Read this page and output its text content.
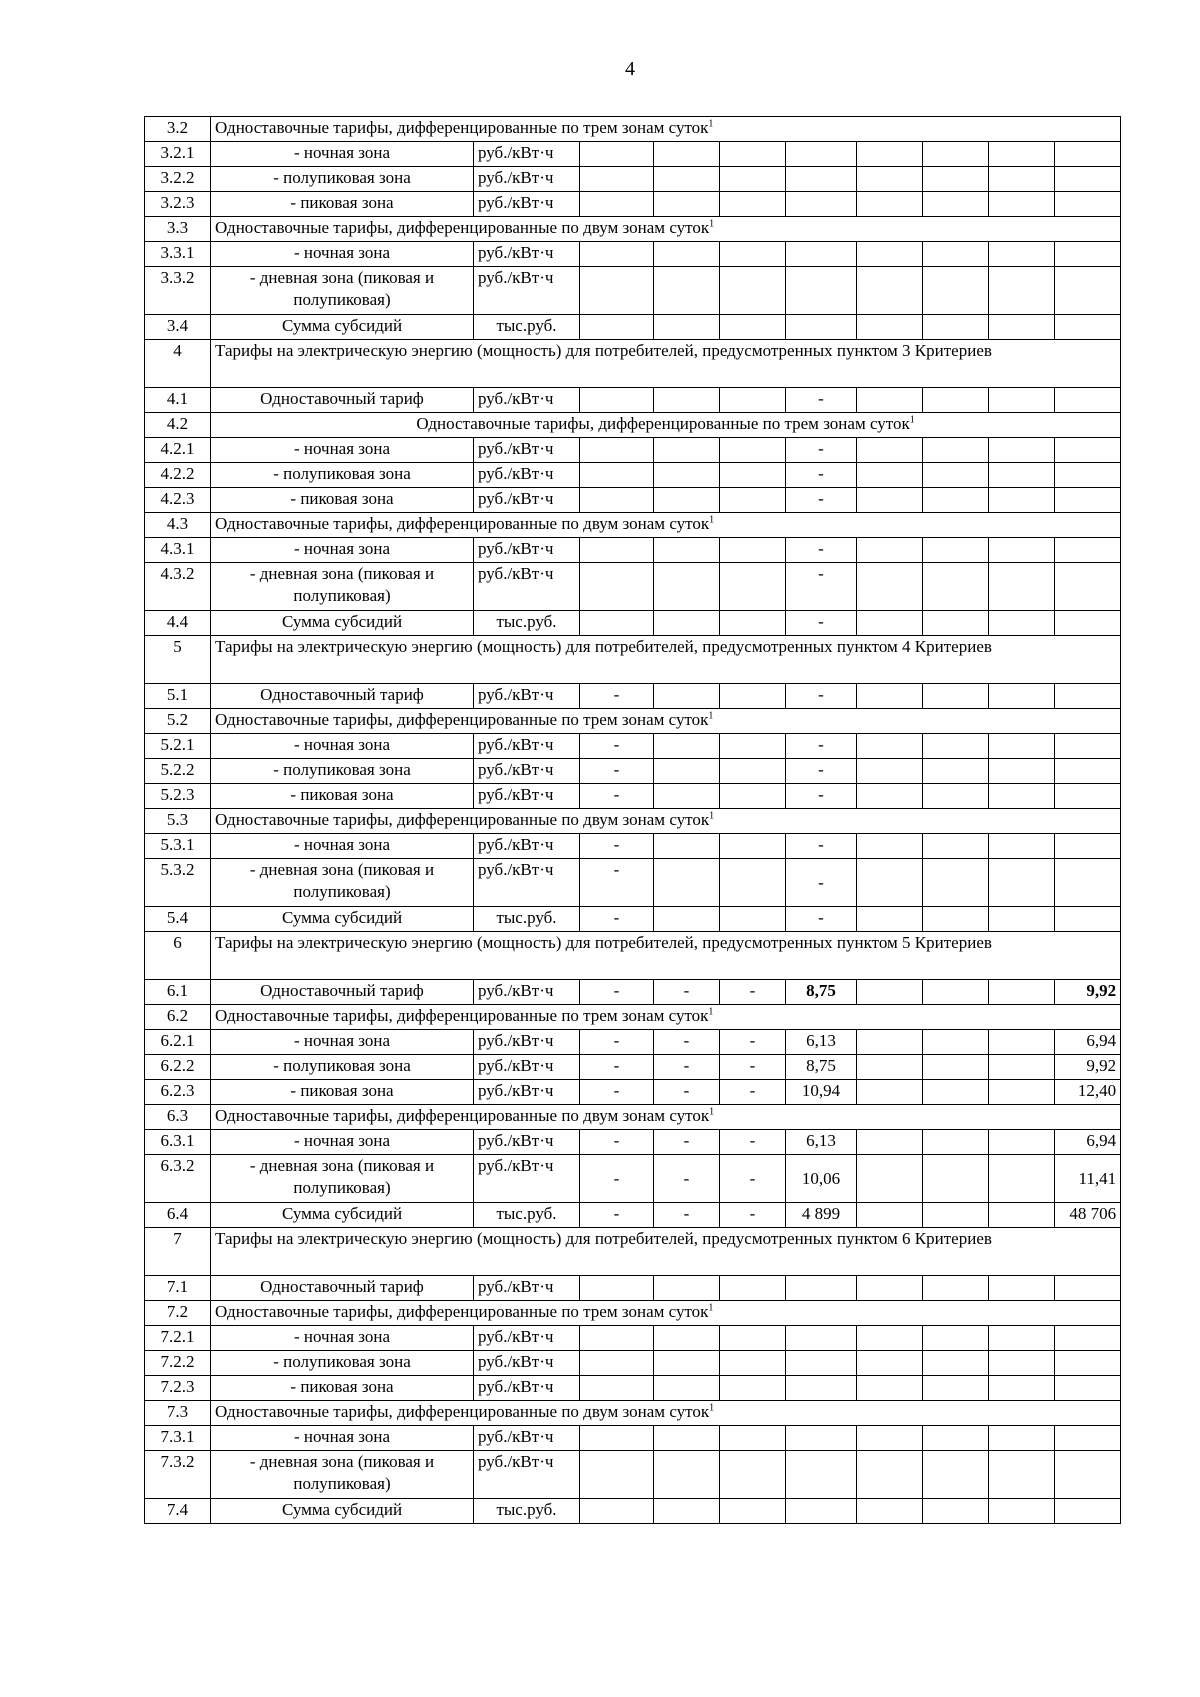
4
3.2	Одноставочные тарифы, дифференцированные по трем зонам суток$^1$
3.2.1	- ночная зона	руб./кВт·ч								
3.2.2	- полупиковая зона	руб./кВт·ч								
3.2.3	- пиковая зона	руб./кВт·ч								
3.3	Одноставочные тарифы, дифференцированные по двум зонам суток$^1$
3.3.1	- ночная зона	руб./кВт·ч								
3.3.2	- дневная зона (пиковая и
полупиковая)	руб./кВт·ч								
3.4	Сумма субсидий	тыс.руб.								
4	Тарифы на электрическую энергию (мощность) для потребителей, предусмотренных пунктом 3 Критериев									
4.1	Одноставочный тариф	руб./кВт·ч				-				
4.2	Одноставочные тарифы, дифференцированные по трем зонам суток$^1$
4.2.1	- ночная зона	руб./кВт·ч				-				
4.2.2	- полупиковая зона	руб./кВт·ч				-				
4.2.3	- пиковая зона	руб./кВт·ч				-				
4.3	Одноставочные тарифы, дифференцированные по двум зонам суток$^1$
4.3.1	- ночная зона	руб./кВт·ч				-				
4.3.2	- дневная зона (пиковая и
полупиковая)	руб./кВт·ч				-				
4.4	Сумма субсидий	тыс.руб.				-				
5	Тарифы на электрическую энергию (мощность) для потребителей, предусмотренных пунктом 4 Критериев									
5.1	Одноставочный тариф	руб./кВт·ч	-			-				
5.2	Одноставочные тарифы, дифференцированные по трем зонам суток$^1$
5.2.1	- ночная зона	руб./кВт·ч	-			-				
5.2.2	- полупиковая зона	руб./кВт·ч	-			-				
5.2.3	- пиковая зона	руб./кВт·ч	-			-				
5.3	Одноставочные тарифы, дифференцированные по двум зонам суток$^1$
5.3.1	- ночная зона	руб./кВт·ч	-			-				
5.3.2	- дневная зона (пиковая и
полупиковая)	руб./кВт·ч	-			-				
5.4	Сумма субсидий	тыс.руб.	-			-				
6	Тарифы на электрическую энергию (мощность) для потребителей, предусмотренных пунктом 5 Критериев									
6.1	Одноставочный тариф	руб./кВт·ч	-	-	-	8,75				9,92
6.2	Одноставочные тарифы, дифференцированные по трем зонам суток$^1$
6.2.1	- ночная зона	руб./кВт·ч	-	-	-	6,13				6,94
6.2.2	- полупиковая зона	руб./кВт·ч	-	-	-	8,75				9,92
6.2.3	- пиковая зона	руб./кВт·ч	-	-	-	10,94				12,40
6.3	Одноставочные тарифы, дифференцированные по двум зонам суток$^1$
6.3.1	- ночная зона	руб./кВт·ч	-	-	-	6,13				6,94
6.3.2	- дневная зона (пиковая и
полупиковая)	руб./кВт·ч	-	-	-	10,06				11,41
6.4	Сумма субсидий	тыс.руб.	-	-	-	4 899				48 706
7	Тарифы на электрическую энергию (мощность) для потребителей, предусмотренных пунктом 6 Критериев									
7.1	Одноставочный тариф	руб./кВт·ч								
7.2	Одноставочные тарифы, дифференцированные по трем зонам суток$^1$
7.2.1	- ночная зона	руб./кВт·ч								
7.2.2	- полупиковая зона	руб./кВт·ч								
7.2.3	- пиковая зона	руб./кВт·ч								
7.3	Одноставочные тарифы, дифференцированные по двум зонам суток$^1$
7.3.1	- ночная зона	руб./кВт·ч								
7.3.2	- дневная зона (пиковая и
полупиковая)	руб./кВт·ч								
7.4	Сумма субсидий	тыс.руб.								
